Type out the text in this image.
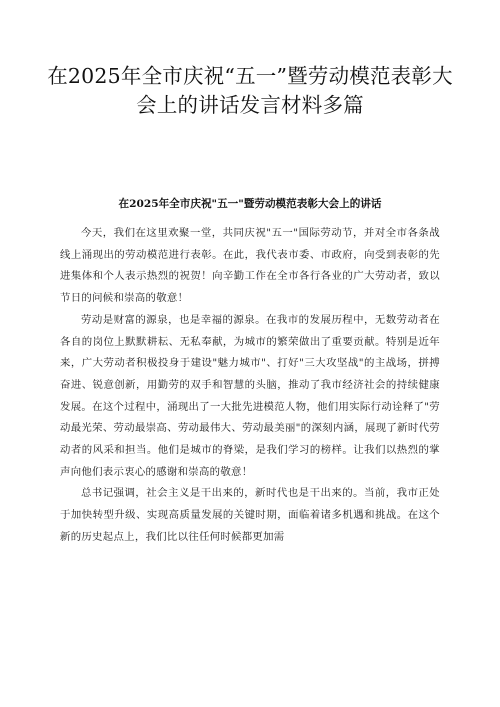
在2025年全市庆祝“五一”暨劳动模范表彰大会上的讲话发言材料多篇
在2025年全市庆祝"五一"暨劳动模范表彰大会上的讲话

今天，我们在这里欢聚一堂，共同庆祝"五一"国际劳动节，并对全市各条战线上涌现出的劳动模范进行表彰。在此，我代表市委、市政府，向受到表彰的先进集体和个人表示热烈的祝贺！向辛勤工作在全市各行各业的广大劳动者，致以节日的问候和崇高的敬意！

劳动是财富的源泉，也是幸福的源泉。在我市的发展历程中，无数劳动者在各自的岗位上默默耕耘、无私奉献，为城市的繁荣做出了重要贡献。特别是近年来，广大劳动者积极投身于建设"魅力城市"、打好"三大攻坚战"的主战场，拼搏奋进、锐意创新，用勤劳的双手和智慧的头脑，推动了我市经济社会的持续健康发展。在这个过程中，涌现出了一大批先进模范人物，他们用实际行动诠释了"劳动最光荣、劳动最崇高、劳动最伟大、劳动最美丽"的深刻内涵，展现了新时代劳动者的风采和担当。他们是城市的脊梁，是我们学习的榜样。让我们以热烈的掌声向他们表示衷心的感谢和崇高的敬意！

总书记强调，社会主义是干出来的，新时代也是干出来的。当前，我市正处于加快转型升级、实现高质量发展的关键时期，面临着诸多机遇和挑战。在这个新的历史起点上，我们比以往任何时候都更加需
